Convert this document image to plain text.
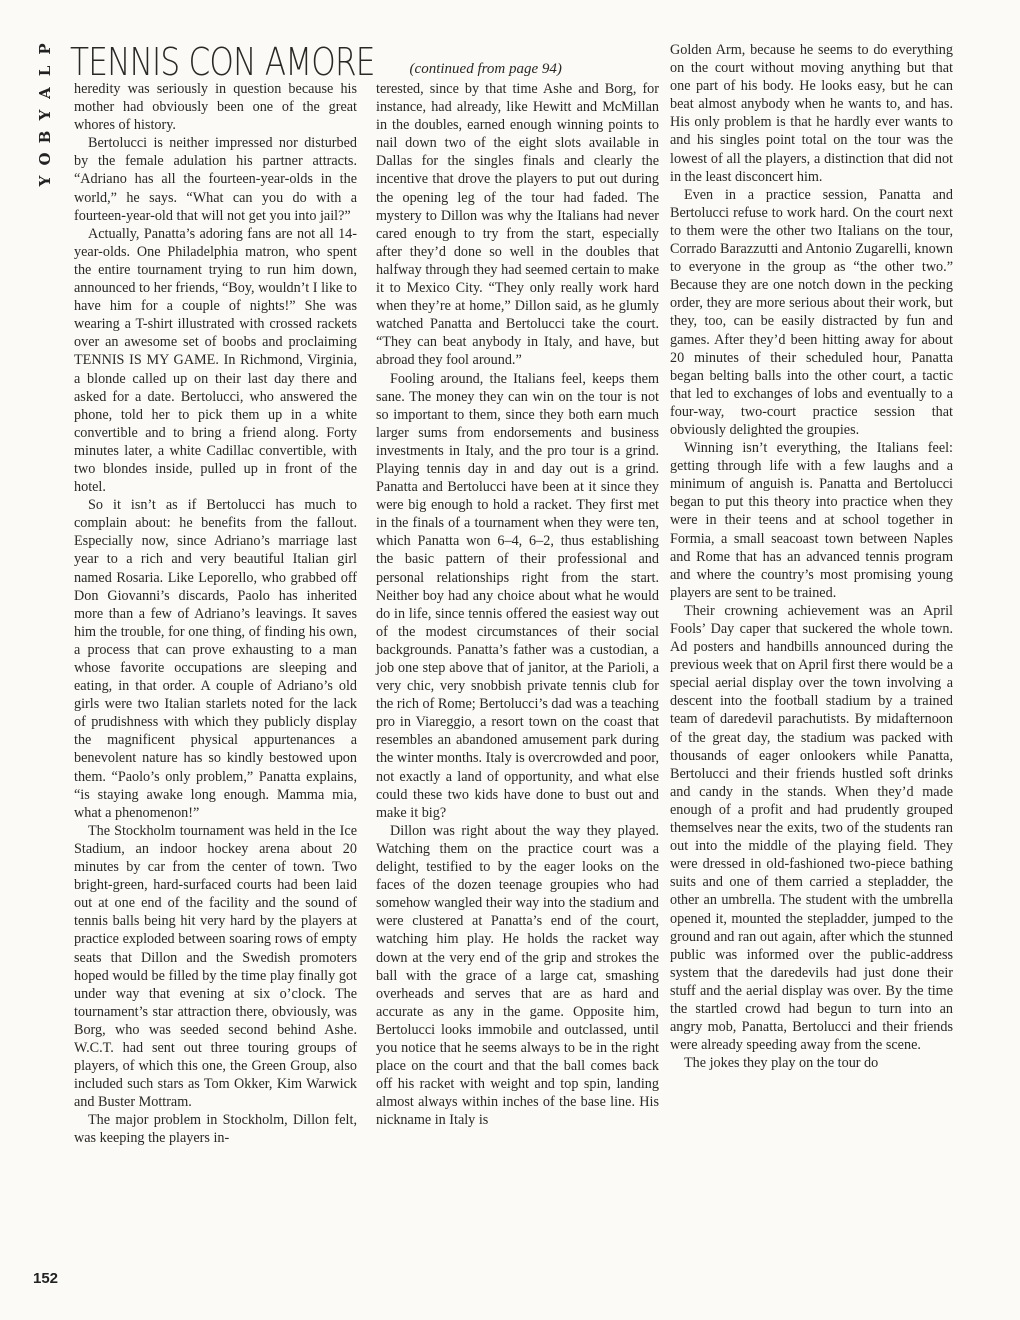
P
L
A
Y
B
O
Y
TENNIS CON AMORE (continued from page 94)

heredity was seriously in question because his mother had obviously been one of the great whores of history.

Bertolucci is neither impressed nor disturbed by the female adulation his partner attracts. “Adriano has all the fourteen-year-olds in the world,” he says. “What can you do with a fourteen-year-old that will not get you into jail?”

Actually, Panatta’s adoring fans are not all 14-year-olds. One Philadelphia matron, who spent the entire tournament trying to run him down, announced to her friends, “Boy, wouldn’t I like to have him for a couple of nights!” She was wearing a T-shirt illustrated with crossed rackets over an awesome set of boobs and proclaiming TENNIS IS MY GAME. In Richmond, Virginia, a blonde called up on their last day there and asked for a date. Bertolucci, who answered the phone, told her to pick them up in a white convertible and to bring a friend along. Forty minutes later, a white Cadillac convertible, with two blondes inside, pulled up in front of the hotel.

So it isn’t as if Bertolucci has much to complain about: he benefits from the fallout. Especially now, since Adriano’s marriage last year to a rich and very beautiful Italian girl named Rosaria. Like Leporello, who grabbed off Don Giovanni’s discards, Paolo has inherited more than a few of Adriano’s leavings. It saves him the trouble, for one thing, of finding his own, a process that can prove exhausting to a man whose favorite occupations are sleeping and eating, in that order. A couple of Adriano’s old girls were two Italian starlets noted for the lack of prudishness with which they publicly display the magnificent physical appurtenances a benevolent nature has so kindly bestowed upon them. “Paolo’s only problem,” Panatta explains, “is staying awake long enough. Mamma mia, what a phenomenon!”

The Stockholm tournament was held in the Ice Stadium, an indoor hockey arena about 20 minutes by car from the center of town. Two bright-green, hard-surfaced courts had been laid out at one end of the facility and the sound of tennis balls being hit very hard by the players at practice exploded between soaring rows of empty seats that Dillon and the Swedish promoters hoped would be filled by the time play finally got under way that evening at six o’clock. The tournament’s star attraction there, obviously, was Borg, who was seeded second behind Ashe. W.C.T. had sent out three touring groups of players, of which this one, the Green Group, also included such stars as Tom Okker, Kim Warwick and Buster Mottram.

The major problem in Stockholm, Dillon felt, was keeping the players in-

terested, since by that time Ashe and Borg, for instance, had already, like Hewitt and McMillan in the doubles, earned enough winning points to nail down two of the eight slots available in Dallas for the singles finals and clearly the incentive that drove the players to put out during the opening leg of the tour had faded. The mystery to Dillon was why the Italians had never cared enough to try from the start, especially after they’d done so well in the doubles that halfway through they had seemed certain to make it to Mexico City. “They only really work hard when they’re at home,” Dillon said, as he glumly watched Panatta and Bertolucci take the court. “They can beat anybody in Italy, and have, but abroad they fool around.”

Fooling around, the Italians feel, keeps them sane. The money they can win on the tour is not so important to them, since they both earn much larger sums from endorsements and business investments in Italy, and the pro tour is a grind. Playing tennis day in and day out is a grind. Panatta and Bertolucci have been at it since they were big enough to hold a racket. They first met in the finals of a tournament when they were ten, which Panatta won 6–4, 6–2, thus establishing the basic pattern of their professional and personal relationships right from the start. Neither boy had any choice about what he would do in life, since tennis offered the easiest way out of the modest circumstances of their social backgrounds. Panatta’s father was a custodian, a job one step above that of janitor, at the Parioli, a very chic, very snobbish private tennis club for the rich of Rome; Bertolucci’s dad was a teaching pro in Viareggio, a resort town on the coast that resembles an abandoned amusement park during the winter months. Italy is overcrowded and poor, not exactly a land of opportunity, and what else could these two kids have done to bust out and make it big?

Dillon was right about the way they played. Watching them on the practice court was a delight, testified to by the eager looks on the faces of the dozen teenage groupies who had somehow wangled their way into the stadium and were clustered at Panatta’s end of the court, watching him play. He holds the racket way down at the very end of the grip and strokes the ball with the grace of a large cat, smashing overheads and serves that are as hard and accurate as any in the game. Opposite him, Bertolucci looks immobile and outclassed, until you notice that he seems always to be in the right place on the court and that the ball comes back off his racket with weight and top spin, landing almost always within inches of the base line. His nickname in Italy is

Golden Arm, because he seems to do everything on the court without moving anything but that one part of his body. He looks easy, but he can beat almost anybody when he wants to, and has. His only problem is that he hardly ever wants to and his singles point total on the tour was the lowest of all the players, a distinction that did not in the least disconcert him.

Even in a practice session, Panatta and Bertolucci refuse to work hard. On the court next to them were the other two Italians on the tour, Corrado Barazzutti and Antonio Zugarelli, known to everyone in the group as “the other two.” Because they are one notch down in the pecking order, they are more serious about their work, but they, too, can be easily distracted by fun and games. After they’d been hitting away for about 20 minutes of their scheduled hour, Panatta began belting balls into the other court, a tactic that led to exchanges of lobs and eventually to a four-way, two-court practice session that obviously delighted the groupies.

Winning isn’t everything, the Italians feel: getting through life with a few laughs and a minimum of anguish is. Panatta and Bertolucci began to put this theory into practice when they were in their teens and at school together in Formia, a small seacoast town between Naples and Rome that has an advanced tennis program and where the country’s most promising young players are sent to be trained.

Their crowning achievement was an April Fools’ Day caper that suckered the whole town. Ad posters and handbills announced during the previous week that on April first there would be a special aerial display over the town involving a descent into the football stadium by a trained team of daredevil parachutists. By midafternoon of the great day, the stadium was packed with thousands of eager onlookers while Panatta, Bertolucci and their friends hustled soft drinks and candy in the stands. When they’d made enough of a profit and had prudently grouped themselves near the exits, two of the students ran out into the middle of the playing field. They were dressed in old-fashioned two-piece bathing suits and one of them carried a stepladder, the other an umbrella. The student with the umbrella opened it, mounted the stepladder, jumped to the ground and ran out again, after which the stunned public was informed over the public-address system that the daredevils had just done their stuff and the aerial display was over. By the time the startled crowd had begun to turn into an angry mob, Panatta, Bertolucci and their friends were already speeding away from the scene.

The jokes they play on the tour do

152
